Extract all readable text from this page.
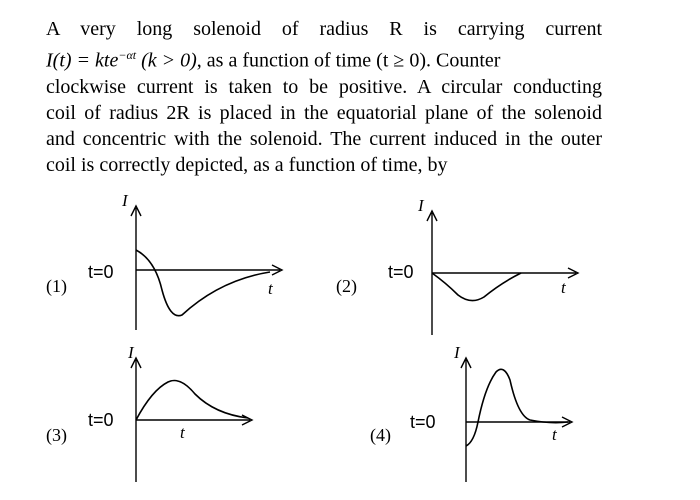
A very long solenoid of radius R is carrying current
I(t) = kte$^{-\alpha t}$ (k > 0), as a function of time (t ≥ 0). Counter
clockwise current is taken to be positive. A circular conducting
coil of radius 2R is placed in the equatorial plane of the solenoid
and concentric with the solenoid. The current induced in the outer
coil is correctly depicted, as a function of time, by
(1)
t=0
I
t	(2)
t=0
I
t
(3)
t=0
I
t	(4)
t=0
I
t
